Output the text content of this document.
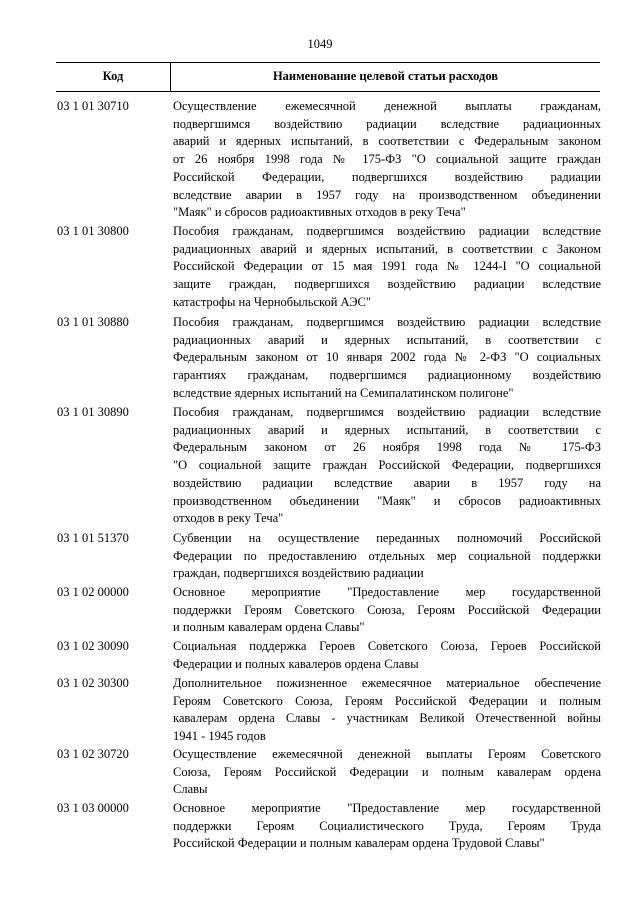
1049
Код	Наименование целевой статьи расходов
03 1 01 30710	Осуществление ежемесячной денежной выплаты гражданам,
подвергшимся воздействию радиации вследствие радиационных
аварий и ядерных испытаний, в соответствии с Федеральным законом
от 26 ноября 1998 года № 175-ФЗ "О социальной защите граждан
Российской Федерации, подвергшихся воздействию радиации
вследствие аварии в 1957 году на производственном объединении
"Маяк" и сбросов радиоактивных отходов в реку Теча"
03 1 01 30800	Пособия гражданам, подвергшимся воздействию радиации вследствие
радиационных аварий и ядерных испытаний, в соответствии с Законом
Российской Федерации от 15 мая 1991 года № 1244-I "О социальной
защите граждан, подвергшихся воздействию радиации вследствие
катастрофы на Чернобыльской АЭС"
03 1 01 30880	Пособия гражданам, подвергшимся воздействию радиации вследствие
радиационных аварий и ядерных испытаний, в соответствии с
Федеральным законом от 10 января 2002 года № 2-ФЗ "О социальных
гарантиях гражданам, подвергшимся радиационному воздействию
вследствие ядерных испытаний на Семипалатинском полигоне"
03 1 01 30890	Пособия гражданам, подвергшимся воздействию радиации вследствие
радиационных аварий и ядерных испытаний, в соответствии с
Федеральным законом от 26 ноября 1998 года № 175-ФЗ
"О социальной защите граждан Российской Федерации, подвергшихся
воздействию радиации вследствие аварии в 1957 году на
производственном объединении "Маяк" и сбросов радиоактивных
отходов в реку Теча"
03 1 01 51370	Субвенции на осуществление переданных полномочий Российской
Федерации по предоставлению отдельных мер социальной поддержки
граждан, подвергшихся воздействию радиации
03 1 02 00000	Основное мероприятие "Предоставление мер государственной
поддержки Героям Советского Союза, Героям Российской Федерации
и полным кавалерам ордена Славы"
03 1 02 30090	Социальная поддержка Героев Советского Союза, Героев Российской
Федерации и полных кавалеров ордена Славы
03 1 02 30300	Дополнительное пожизненное ежемесячное материальное обеспечение
Героям Советского Союза, Героям Российской Федерации и полным
кавалерам ордена Славы - участникам Великой Отечественной войны
1941 - 1945 годов
03 1 02 30720	Осуществление ежемесячной денежной выплаты Героям Советского
Союза, Героям Российской Федерации и полным кавалерам ордена
Славы
03 1 03 00000	Основное мероприятие "Предоставление мер государственной
поддержки Героям Социалистического Труда, Героям Труда
Российской Федерации и полным кавалерам ордена Трудовой Славы"
